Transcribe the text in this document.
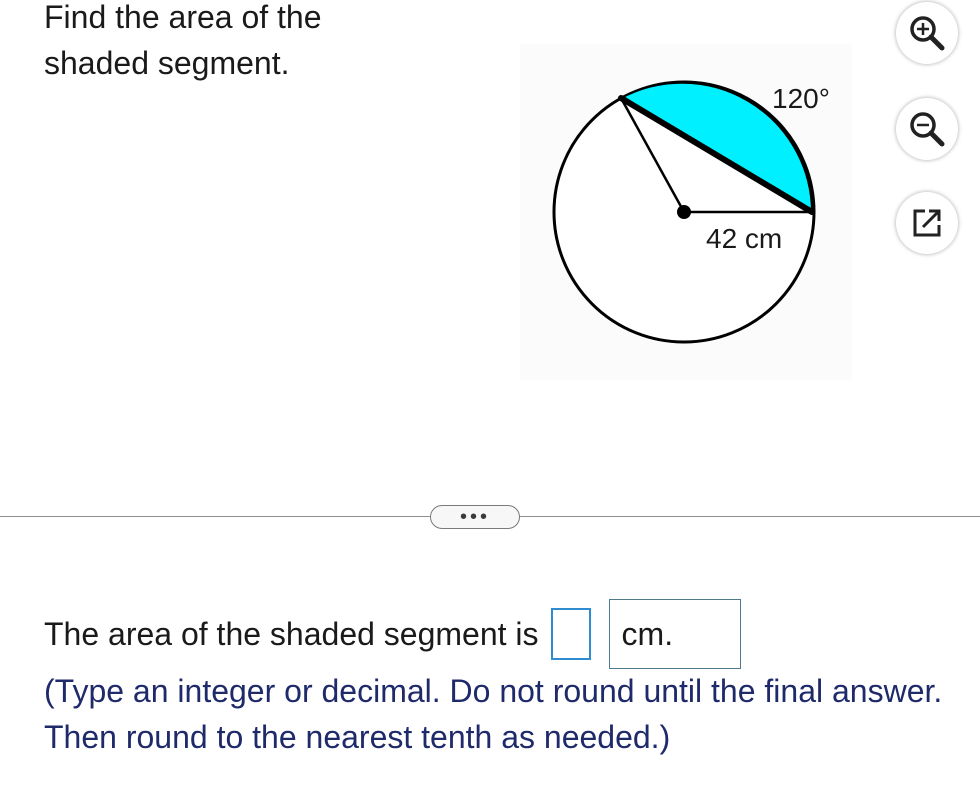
Find the area of the
shaded segment.
120°
42 cm
•••
The area of the shaded segment is	cm.
(Type an integer or decimal. Do not round until the final answer. Then round to the nearest tenth as needed.)
